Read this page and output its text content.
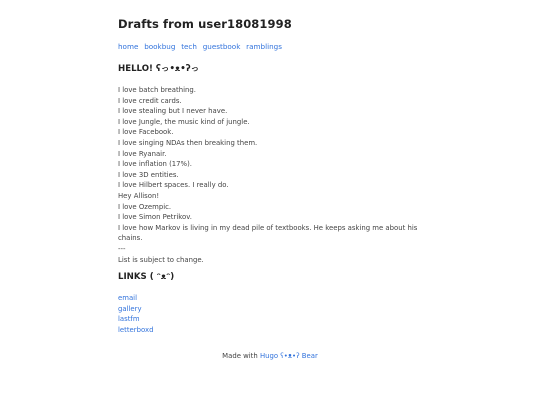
Drafts from user18081998
home bookbug tech guestbook ramblings
HELLO! ʕっ•ᴥ•ʔっ
I love batch breathing.
I love credit cards.
I love stealing but I never have.
I love Jungle, the music kind of jungle.
I love Facebook.
I love singing NDAs then breaking them.
I love Ryanair.
I love inflation (17%).
I love 3D entities.
I love Hilbert spaces. I really do.
Hey Allison!
I love Ozempic.
I love Simon Petrikov.
I love how Markov is living in my dead pile of textbooks. He keeps asking me about his chains.
---
List is subject to change.
LINKS ( ᵔᴥᵔ)
email
gallery
lastfm
letterboxd
Made with Hugo ʕ•ᴥ•ʔ Bear
